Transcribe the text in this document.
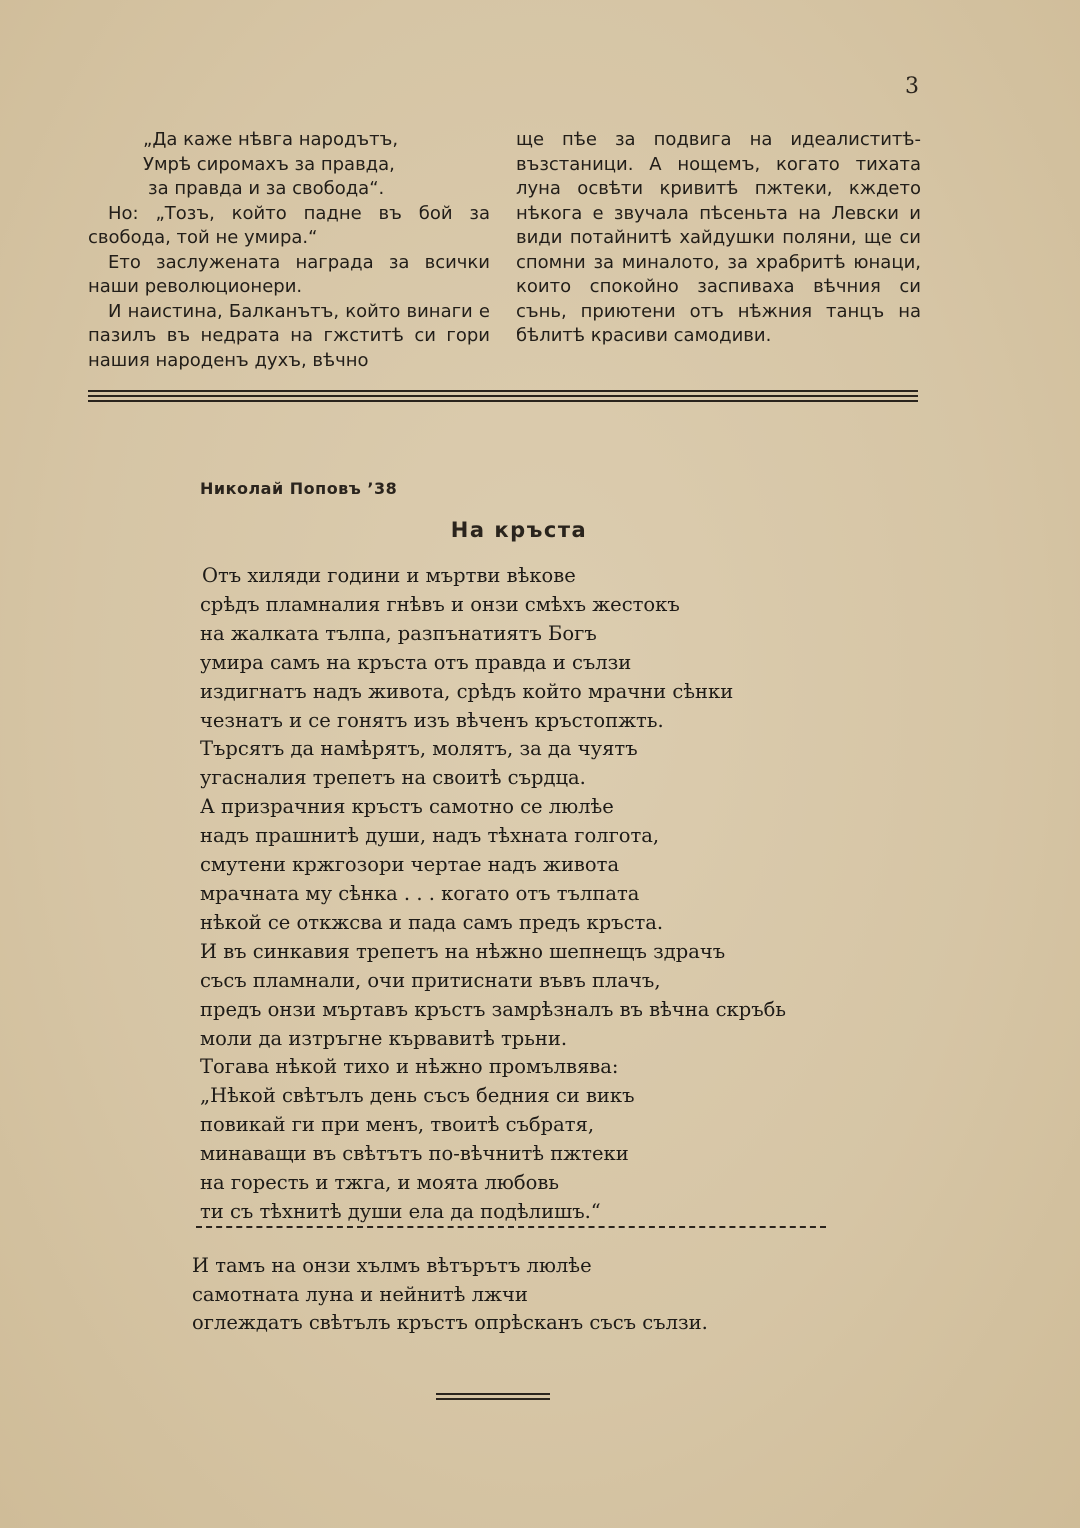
3
„Да каже нѣвга народътъ,
Умрѣ сиромахъ за правда,
за правда и за свобода“.

Но: „Тозъ, който падне въ бой за свобода, той не умира.“

Ето заслужената награда за всички наши революционери.

И наистина, Балканътъ, който винаги е пазилъ въ недрата на гжститѣ си гори нашия народенъ духъ, вѣчно

ще пѣе за подвига на идеалиститѣ-възстаници. А нощемъ, когато тихата луна освѣти кривитѣ пжтеки, кждето нѣкога е звучала пѣсеньта на Левски и види потайнитѣ хайдушки поляни, ще си спомни за миналото, за храбритѣ юнаци, които спокойно заспиваха вѣчния си сънь, приютени отъ нѣжния танцъ на бѣлитѣ красиви самодиви.

Николай Поповъ ’38
На кръста
Отъ хиляди години и мъртви вѣкове
срѣдъ пламналия гнѣвъ и онзи смѣхъ жестокъ
на жалката тълпа, разпънатиятъ Богъ
умира самъ на кръста отъ правда и сълзи
издигнатъ надъ живота, срѣдъ който мрачни сѣнки
чезнатъ и се гонятъ изъ вѣченъ кръстопжть.
Търсятъ да намѣрятъ, молятъ, за да чуятъ
угасналия трепетъ на своитѣ сърдца.
А призрачния кръстъ самотно се люлѣе
надъ прашнитѣ души, надъ тѣхната голгота,
смутени кржгозори чертае надъ живота
мрачната му сѣнка . . . когато отъ тълпата
нѣкой се откжсва и пада самъ предъ кръста.
И въ синкавия трепетъ на нѣжно шепнещъ здрачъ
съсъ пламнали, очи притиснати въвъ плачъ,
предъ онзи мъртавъ кръстъ замрѣзналъ въ вѣчна скръбь
моли да изтръгне кървавитѣ трьни.
Тогава нѣкой тихо и нѣжно промълвява:
„Нѣкой свѣтълъ день съсъ бедния си викъ
повикай ги при менъ, твоитѣ събратя,
минаващи въ свѣтътъ по-вѣчнитѣ пжтеки
на горесть и тжга, и моята любовь
ти съ тѣхнитѣ души ела да подѣлишъ.“
И тамъ на онзи хълмъ вѣтърътъ люлѣе
самотната луна и нейнитѣ лжчи
оглеждатъ свѣтълъ кръстъ опрѣсканъ съсъ сълзи.
